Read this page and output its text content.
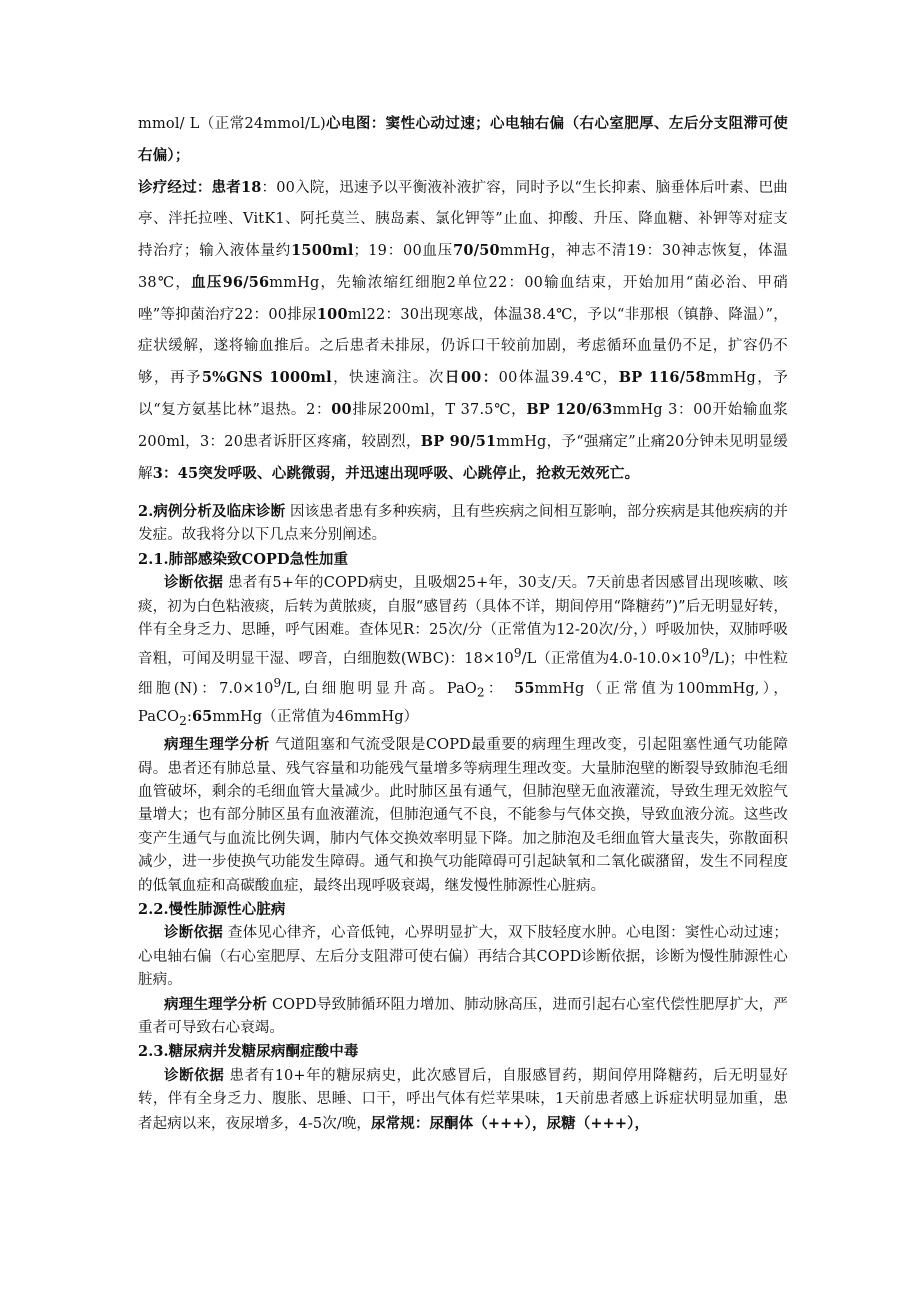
mmol/ L（正常24mmol/L)心电图：窦性心动过速；心电轴右偏（右心室肥厚、左后分支阻滞可使右偏）；

诊疗经过：患者18：00入院，迅速予以平衡液补液扩容，同时予以“生长抑素、脑垂体后叶素、巴曲亭、泮托拉唑、VitK1、阿托莫兰、胰岛素、氯化钾等”止血、抑酸、升压、降血糖、补钾等对症支持治疗；输入液体量约1500ml；19：00血压70/50mmHg，神志不清19：30神志恢复，体温38℃，血压96/56mmHg，先输浓缩红细胞2单位22：00输血结束，开始加用“菌必治、甲硝唑”等抑菌治疗22：00排尿100ml22：30出现寒战，体温38.4℃，予以“非那根（镇静、降温）”，症状缓解，遂将输血推后。之后患者未排尿，仍诉口干较前加剧，考虑循环血量仍不足，扩容仍不够，再予5%GNS 1000ml，快速滴注。次日00：00体温39.4℃，BP 116/58mmHg，予以“复方氨基比林”退热。2：00排尿200ml，T 37.5℃，BP 120/63mmHg 3：00开始输血浆200ml，3：20患者诉肝区疼痛，较剧烈，BP 90/51mmHg，予“强痛定”止痛20分钟未见明显缓解3：45突发呼吸、心跳微弱，并迅速出现呼吸、心跳停止，抢救无效死亡。

2.病例分析及临床诊断 因该患者患有多种疾病，且有些疾病之间相互影响，部分疾病是其他疾病的并发症。故我将分以下几点来分别阐述。

2.1.肺部感染致COPD急性加重

诊断依据 患者有5+年的COPD病史，且吸烟25+年，30支/天。7天前患者因感冒出现咳嗽、咳痰，初为白色粘液痰，后转为黄脓痰，自服“感冒药（具体不详，期间停用“降糖药”)”后无明显好转，伴有全身乏力、思睡，呼气困难。查体见R：25次/分（正常值为12-20次/分，）呼吸加快，双肺呼吸音粗，可闻及明显干湿、啰音，白细胞数(WBC)：$18\times 10^9/L$（正常值为$4.0-10.0\times 10^9/L$)；中性粒细胞(N)：$7.0\times 10^9/L$,白细胞明显升高。PaO$_2$： 55mmHg（正常值为100mmHg,），PaCO$_2$:65mmHg（正常值为46mmHg）

病理生理学分析 气道阻塞和气流受限是COPD最重要的病理生理改变，引起阻塞性通气功能障碍。患者还有肺总量、残气容量和功能残气量增多等病理生理改变。大量肺泡壁的断裂导致肺泡毛细血管破坏，剩余的毛细血管大量减少。此时肺区虽有通气，但肺泡壁无血液灌流，导致生理无效腔气量增大；也有部分肺区虽有血液灌流，但肺泡通气不良，不能参与气体交换，导致血液分流。这些改变产生通气与血流比例失调，肺内气体交换效率明显下降。加之肺泡及毛细血管大量丧失，弥散面积减少，进一步使换气功能发生障碍。通气和换气功能障碍可引起缺氧和二氧化碳潴留，发生不同程度的低氧血症和高碳酸血症，最终出现呼吸衰竭，继发慢性肺源性心脏病。

2.2.慢性肺源性心脏病

诊断依据 查体见心律齐，心音低钝，心界明显扩大，双下肢轻度水肿。心电图：窦性心动过速；心电轴右偏（右心室肥厚、左后分支阻滞可使右偏）再结合其COPD诊断依据，诊断为慢性肺源性心脏病。

病理生理学分析 COPD导致肺循环阻力增加、肺动脉高压，进而引起右心室代偿性肥厚扩大，严重者可导致右心衰竭。

2.3.糖尿病并发糖尿病酮症酸中毒

诊断依据 患者有10+年的糖尿病史，此次感冒后，自服感冒药，期间停用降糖药，后无明显好转，伴有全身乏力、腹胀、思睡、口干，呼出气体有烂苹果味，1天前患者感上诉症状明显加重，患者起病以来，夜尿增多，4-5次/晚，尿常规：尿酮体（+++），尿糖（+++），
